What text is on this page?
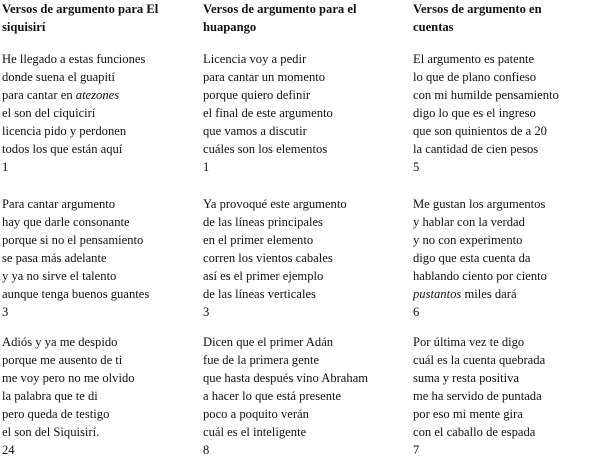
Versos de argumento para El
siquisirí
He llegado a estas funciones
donde suena el guapití
para cantar en atezones
el son del ciquicirí
licencia pido y perdonen
todos los que están aquí
1
Para cantar argumento
hay que darle consonante
porque si no el pensamiento
se pasa más adelante
y ya no sirve el talento
aunque tenga buenos guantes
3
Adiós y ya me despido
porque me ausento de ti
me voy pero no me olvido
la palabra que te di
pero queda de testigo
el son del Siquisirí.
24
Versos de argumento para el
huapango
Licencia voy a pedir
para cantar un momento
porque quiero definir
el final de este argumento
que vamos a discutir
cuáles son los elementos
1
Ya provoqué este argumento
de las líneas principales
en el primer elemento
corren los vientos cabales
así es el primer ejemplo
de las líneas verticales
3
Dicen que el primer Adán
fue de la primera gente
que hasta después vino Abraham
a hacer lo que está presente
poco a poquito verán
cuál es el inteligente
8
Versos de argumento en
cuentas
El argumento es patente
lo que de plano confieso
con mi humilde pensamiento
digo lo que es el ingreso
que son quinientos de a 20
la cantidad de cien pesos
5
Me gustan los argumentos
y hablar con la verdad
y no con experimento
digo que esta cuenta da
hablando ciento por ciento
pustantos miles dará
6
Por última vez te digo
cuál es la cuenta quebrada
suma y resta positiva
me ha servido de puntada
por eso mi mente gira
con el caballo de espada
7
